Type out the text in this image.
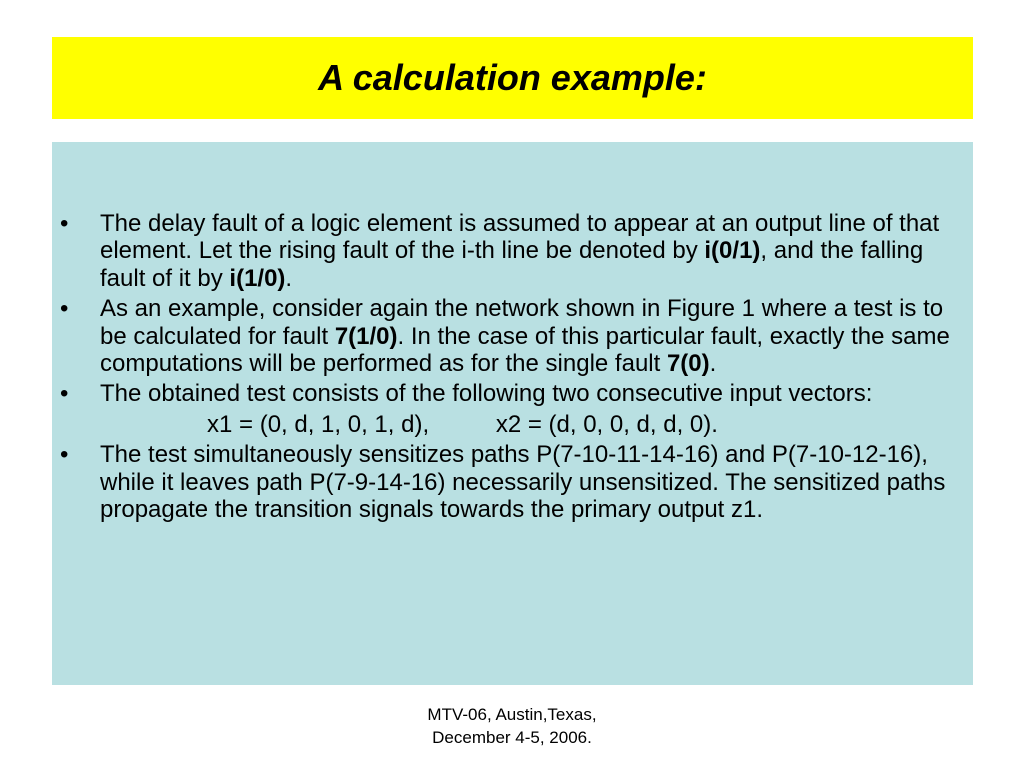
A calculation example:
• The delay fault of a logic element is assumed to appear at an output line of that element. Let the rising fault of the i-th line be denoted by i(0/1), and the falling fault of it by i(1/0).
• As an example, consider again the network shown in Figure 1 where a test is to be calculated for fault 7(1/0). In the case of this particular fault, exactly the same computations will be performed as for the single fault 7(0).
• The obtained test consists of the following two consecutive input vectors:
x1 = (0, d, 1, 0, 1, d),	x2 = (d, 0, 0, d, d, 0).
• The test simultaneously sensitizes paths P(7-10-11-14-16) and P(7-10-12-16), while it leaves path P(7-9-14-16) necessarily unsensitized. The sensitized paths propagate the transition signals towards the primary output z1.
MTV-06, Austin,Texas,
December 4-5, 2006.
